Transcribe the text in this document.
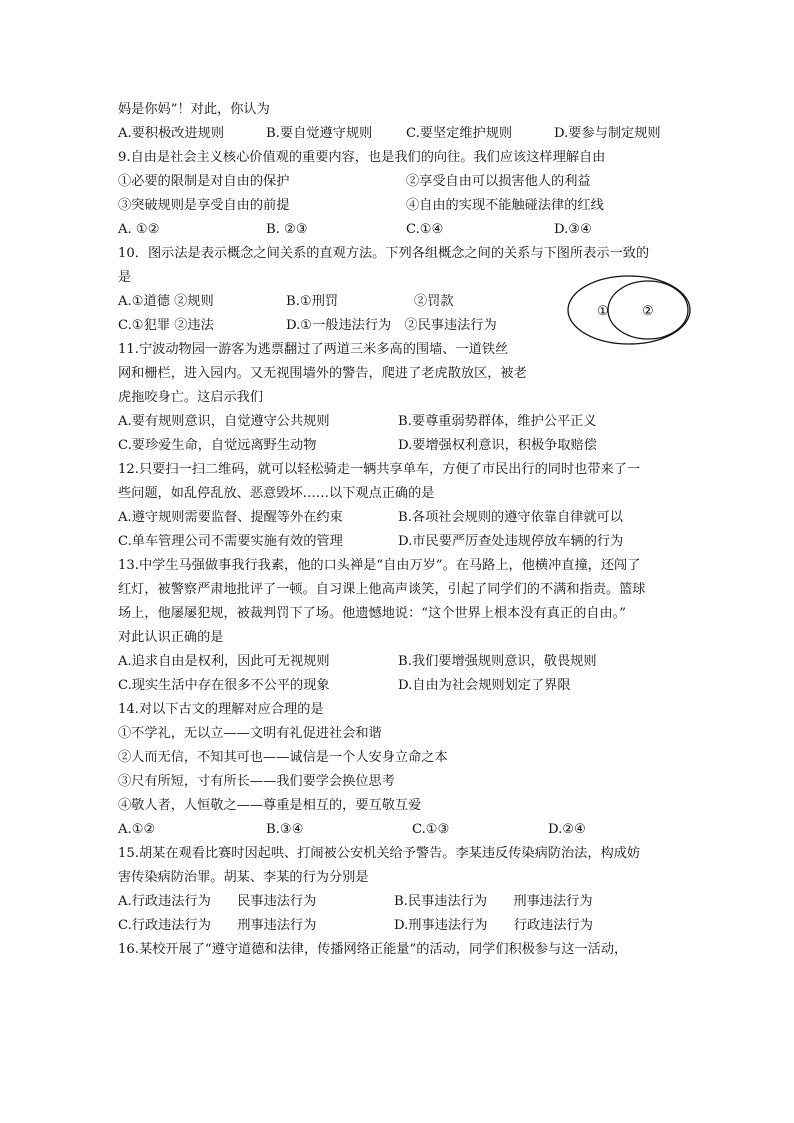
妈是你妈”！对此，你认为
A.要积极改进规则	B.要自觉遵守规则	C.要坚定维护规则	D.要参与制定规则
9.自由是社会主义核心价值观的重要内容，也是我们的向往。我们应该这样理解自由
①必要的限制是对自由的保护	②享受自由可以损害他人的利益
③突破规则是享受自由的前提	④自由的实现不能触碰法律的红线
A. ①②	B. ②③	C.①④	D.③④
10．图示法是表示概念之间关系的直观方法。下列各组概念之间的关系与下图所表示一致的
是
A.①道德 ②规则	B.①刑罚	②罚款
C.①犯罪 ②违法	D.①一般违法行为　②民事违法行为
11.宁波动物园一游客为逃票翻过了两道三米多高的围墙、一道铁丝
网和栅栏，进入园内。又无视围墙外的警告，爬进了老虎散放区，被老
虎拖咬身亡。这启示我们
A.要有规则意识，自觉遵守公共规则	B.要尊重弱势群体，维护公平正义
C.要珍爱生命，自觉远离野生动物	D.要增强权利意识，积极争取赔偿
12.只要扫一扫二维码，就可以轻松骑走一辆共享单车，方便了市民出行的同时也带来了一
些问题，如乱停乱放、恶意毁坏……以下观点正确的是
A.遵守规则需要监督、提醒等外在约束	B.各项社会规则的遵守依靠自律就可以
C.单车管理公司不需要实施有效的管理	D.市民要严厉查处违规停放车辆的行为
13.中学生马强做事我行我素，他的口头禅是“自由万岁”。在马路上，他横冲直撞，还闯了
红灯，被警察严肃地批评了一顿。自习课上他高声谈笑，引起了同学们的不满和指责。篮球
场上，他屡屡犯规，被裁判罚下了场。他遗憾地说：“这个世界上根本没有真正的自由。”
对此认识正确的是
A.追求自由是权利，因此可无视规则	B.我们要增强规则意识，敬畏规则
C.现实生活中存在很多不公平的现象	D.自由为社会规则划定了界限
14.对以下古文的理解对应合理的是
①不学礼，无以立——文明有礼促进社会和谐
②人而无信，不知其可也——诚信是一个人安身立命之本
③尺有所短，寸有所长——我们要学会换位思考
④敬人者，人恒敬之——尊重是相互的，要互敬互爱
A.①②	B.③④	C.①③	D.②④
15.胡某在观看比赛时因起哄、打闹被公安机关给予警告。李某违反传染病防治法，构成妨
害传染病防治罪。胡某、李某的行为分别是
A.行政违法行为　　民事违法行为	B.民事违法行为　　刑事违法行为
C.行政违法行为　　刑事违法行为	D.刑事违法行为　　行政违法行为
16.某校开展了“遵守道德和法律，传播网络正能量”的活动，同学们积极参与这一活动，
①	②
